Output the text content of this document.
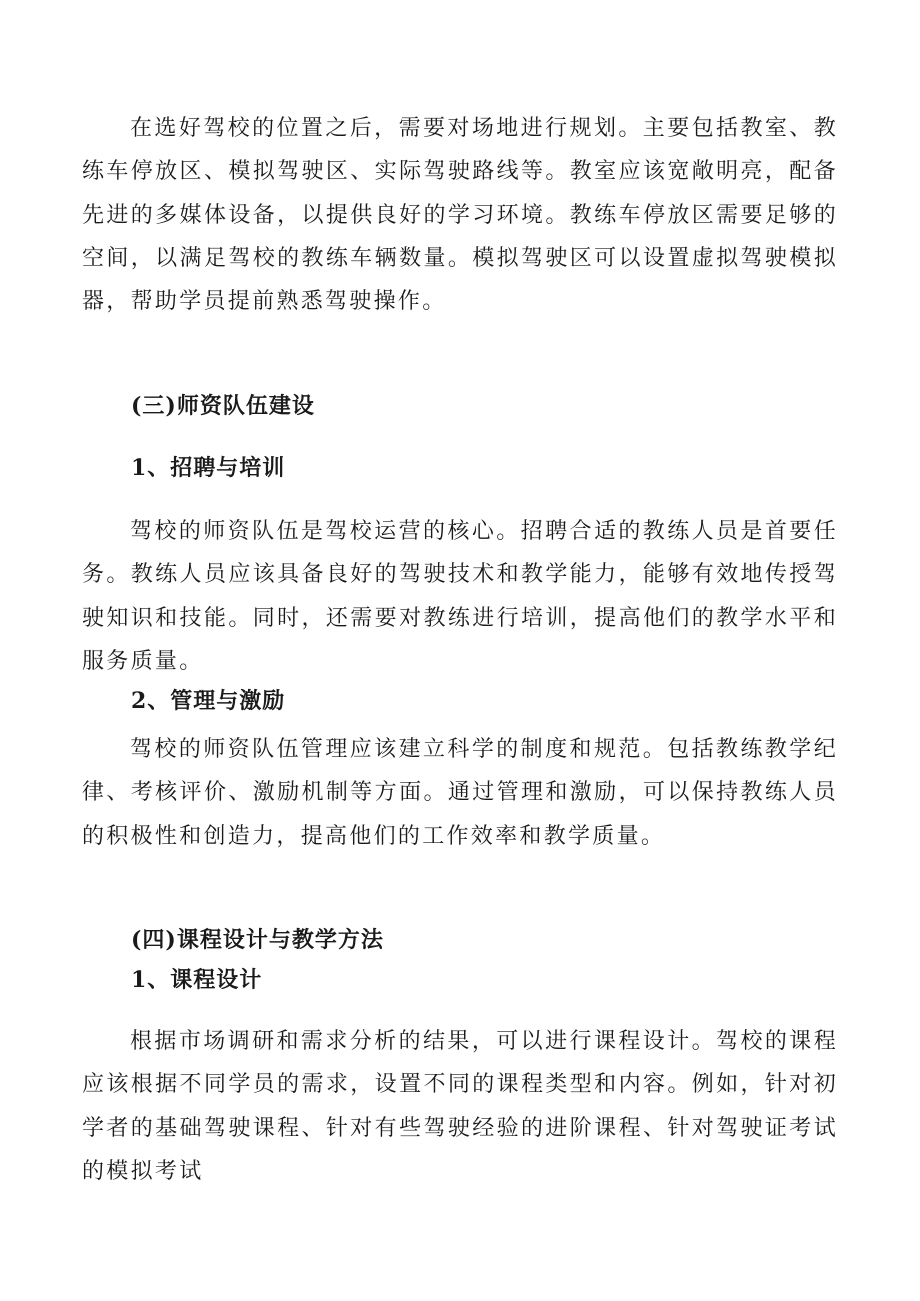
在选好驾校的位置之后，需要对场地进行规划。主要包括教室、教练车停放区、模拟驾驶区、实际驾驶路线等。教室应该宽敞明亮，配备先进的多媒体设备，以提供良好的学习环境。教练车停放区需要足够的空间，以满足驾校的教练车辆数量。模拟驾驶区可以设置虚拟驾驶模拟器，帮助学员提前熟悉驾驶操作。

(三)师资队伍建设
1、招聘与培训

驾校的师资队伍是驾校运营的核心。招聘合适的教练人员是首要任务。教练人员应该具备良好的驾驶技术和教学能力，能够有效地传授驾驶知识和技能。同时，还需要对教练进行培训，提高他们的教学水平和服务质量。

2、管理与激励

驾校的师资队伍管理应该建立科学的制度和规范。包括教练教学纪律、考核评价、激励机制等方面。通过管理和激励，可以保持教练人员的积极性和创造力，提高他们的工作效率和教学质量。

(四)课程设计与教学方法
1、课程设计

根据市场调研和需求分析的结果，可以进行课程设计。驾校的课程应该根据不同学员的需求，设置不同的课程类型和内容。例如，针对初学者的基础驾驶课程、针对有些驾驶经验的进阶课程、针对驾驶证考试的模拟考试
